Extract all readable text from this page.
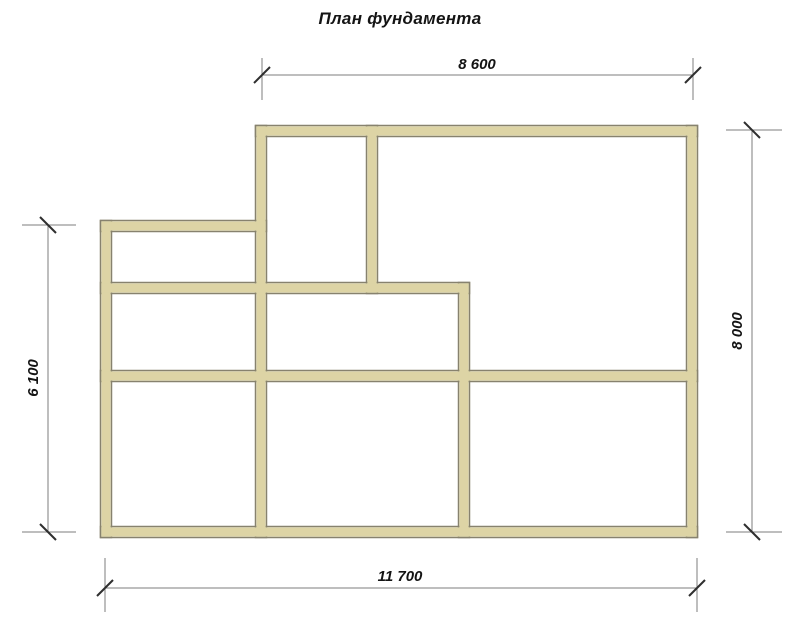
План фундамента
8 600
8 000
6 100
11 700
